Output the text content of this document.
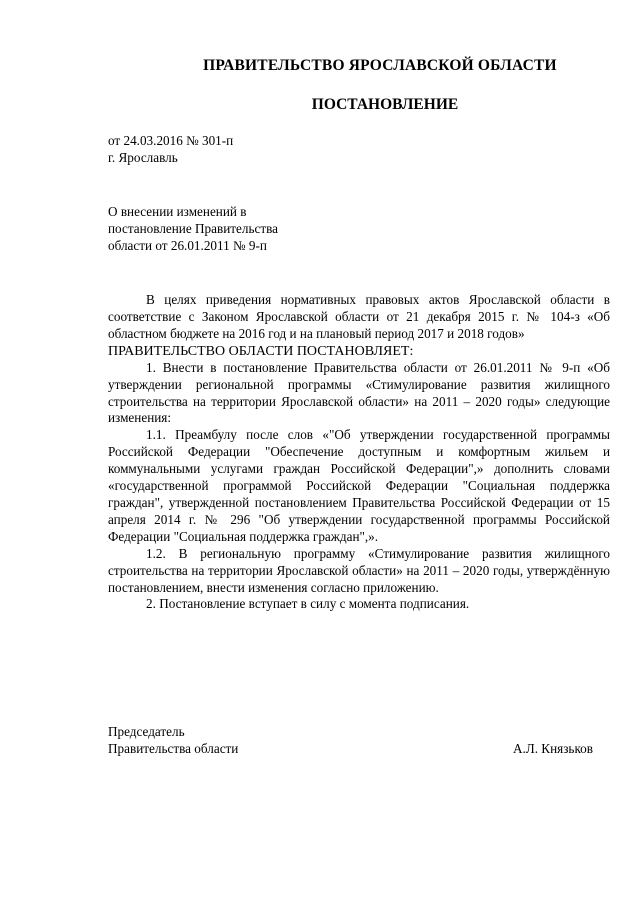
ПРАВИТЕЛЬСТВО ЯРОСЛАВСКОЙ ОБЛАСТИ
ПОСТАНОВЛЕНИЕ
от 24.03.2016 № 301-п
г. Ярославль
О внесении изменений в
постановление Правительства
области от 26.01.2011 № 9-п

В целях приведения нормативных правовых актов Ярославской области в соответствие с Законом Ярославской области от 21 декабря 2015 г. № 104-з «Об областном бюджете на 2016 год и на плановый период 2017 и 2018 годов»

ПРАВИТЕЛЬСТВО ОБЛАСТИ ПОСТАНОВЛЯЕТ:

1. Внести в постановление Правительства области от 26.01.2011 № 9-п «Об утверждении региональной программы «Стимулирование развития жилищного строительства на территории Ярославской области» на 2011 – 2020 годы» следующие изменения:

1.1. Преамбулу после слов «"Об утверждении государственной программы Российской Федерации "Обеспечение доступным и комфортным жильем и коммунальными услугами граждан Российской Федерации",» дополнить словами «государственной программой Российской Федерации "Социальная поддержка граждан", утвержденной постановлением Правительства Российской Федерации от 15 апреля 2014 г. № 296 "Об утверждении государственной программы Российской Федерации "Социальная поддержка граждан",».

1.2. В региональную программу «Стимулирование развития жилищного строительства на территории Ярославской области» на 2011 – 2020 годы, утверждённую постановлением, внести изменения согласно приложению.

2. Постановление вступает в силу с момента подписания.

Председатель
Правительства области	А.Л. Князьков
